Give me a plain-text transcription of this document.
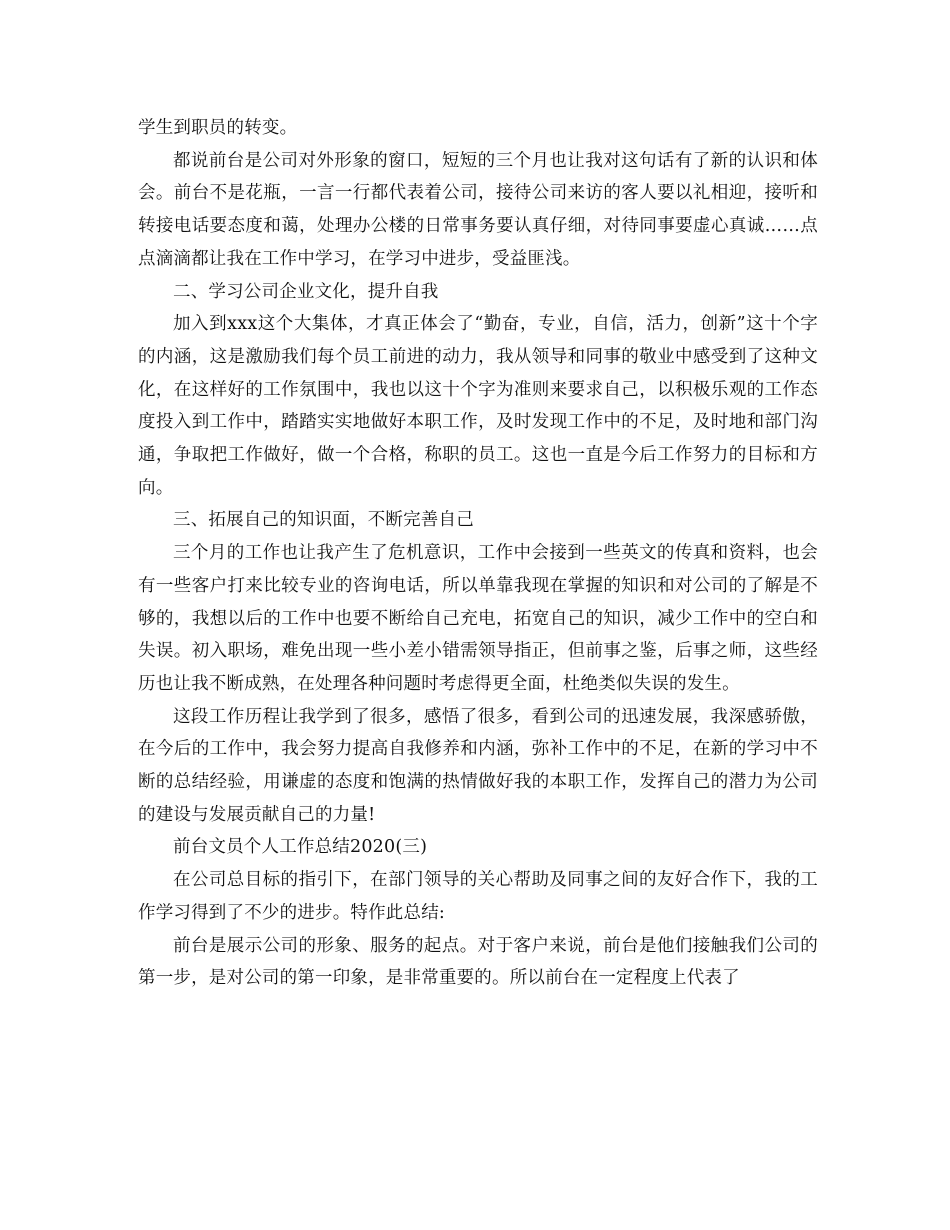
学生到职员的转变。

都说前台是公司对外形象的窗口，短短的三个月也让我对这句话有了新的认识和体会。前台不是花瓶，一言一行都代表着公司，接待公司来访的客人要以礼相迎，接听和转接电话要态度和蔼，处理办公楼的日常事务要认真仔细，对待同事要虚心真诚……点点滴滴都让我在工作中学习，在学习中进步，受益匪浅。

二、学习公司企业文化，提升自我

加入到xxx这个大集体，才真正体会了“勤奋，专业，自信，活力，创新”这十个字的内涵，这是激励我们每个员工前进的动力，我从领导和同事的敬业中感受到了这种文化，在这样好的工作氛围中，我也以这十个字为准则来要求自己，以积极乐观的工作态度投入到工作中，踏踏实实地做好本职工作，及时发现工作中的不足，及时地和部门沟通，争取把工作做好，做一个合格，称职的员工。这也一直是今后工作努力的目标和方向。

三、拓展自己的知识面，不断完善自己

三个月的工作也让我产生了危机意识，工作中会接到一些英文的传真和资料，也会有一些客户打来比较专业的咨询电话，所以单靠我现在掌握的知识和对公司的了解是不够的，我想以后的工作中也要不断给自己充电，拓宽自己的知识，减少工作中的空白和失误。初入职场，难免出现一些小差小错需领导指正，但前事之鉴，后事之师，这些经历也让我不断成熟，在处理各种问题时考虑得更全面，杜绝类似失误的发生。

这段工作历程让我学到了很多，感悟了很多，看到公司的迅速发展，我深感骄傲，在今后的工作中，我会努力提高自我修养和内涵，弥补工作中的不足，在新的学习中不断的总结经验，用谦虚的态度和饱满的热情做好我的本职工作，发挥自己的潜力为公司的建设与发展贡献自己的力量!

前台文员个人工作总结2020(三)

在公司总目标的指引下，在部门领导的关心帮助及同事之间的友好合作下，我的工作学习得到了不少的进步。特作此总结:

前台是展示公司的形象、服务的起点。对于客户来说，前台是他们接触我们公司的第一步，是对公司的第一印象，是非常重要的。所以前台在一定程度上代表了
